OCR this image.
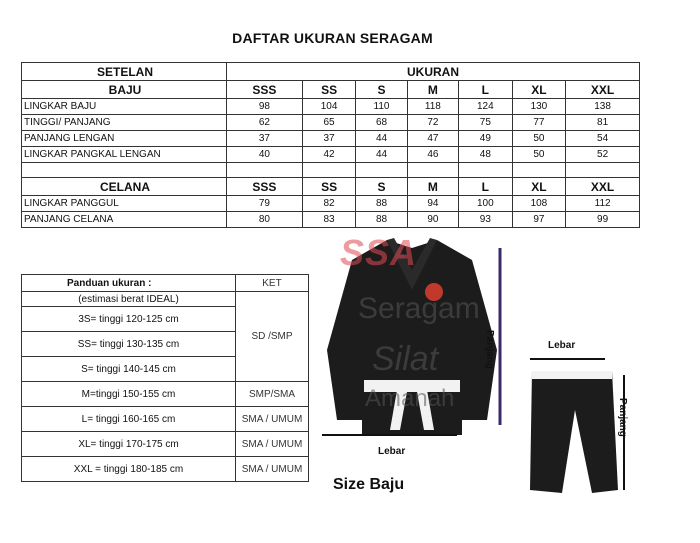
DAFTAR UKURAN SERAGAM
SETELAN	UKURAN						
BAJU	SSS	SS	S	M	L	XL	XXL
LINGKAR BAJU	98	104	110	118	124	130	138
TINGGI/ PANJANG	62	65	68	72	75	77	81
PANJANG LENGAN	37	37	44	47	49	50	54
LINGKAR PANGKAL LENGAN	40	42	44	46	48	50	52

CELANA	SSS	SS	S	M	L	XL	XXL
LINGKAR PANGGUL	79	82	88	94	100	108	112
PANJANG CELANA	80	83	88	90	93	97	99
Panduan ukuran :	KET
(estimasi berat IDEAL)	SD /SMP
3S= tinggi 120-125 cm	
SS= tinggi 130-135 cm	
S= tinggi 140-145 cm	
M=tinggi 150-155 cm	SMP/SMA
L= tinggi 160-165 cm	SMA / UMUM
XL= tinggi 170-175 cm	SMA / UMUM
XXL = tinggi 180-185 cm	SMA / UMUM
SSA
Seragam
Silat
Amanah
Panjang
Lebar
Lebar
Panjang
Size Baju
